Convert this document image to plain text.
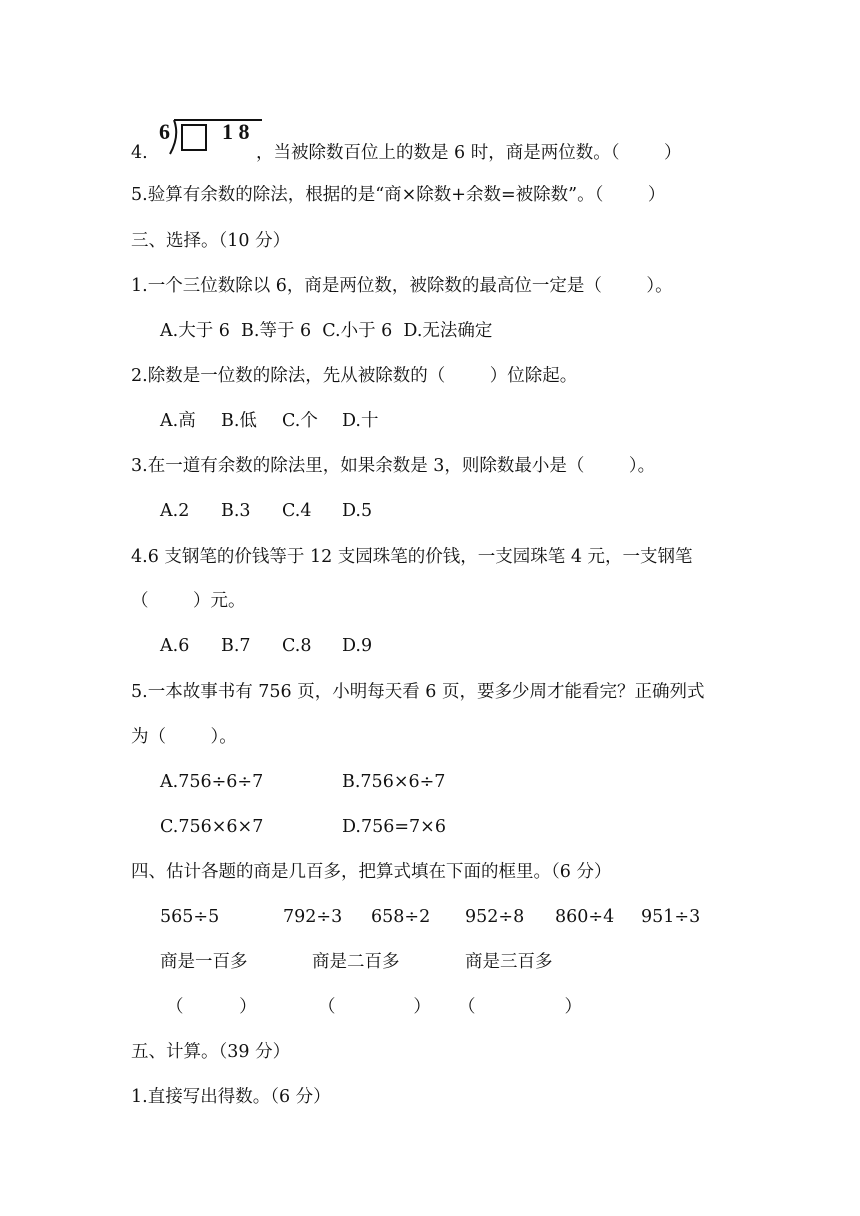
6 1 8
4.	，当被除数百位上的数是 6 时，商是两位数。（        ）
5.验算有余数的除法，根据的是“商×除数+余数=被除数”。（        ）
三、选择。（10 分）
1.一个三位数除以 6，商是两位数，被除数的最高位一定是（        ）。
A.大于 6  B.等于 6  C.小于 6  D.无法确定
2.除数是一位数的除法，先从被除数的（        ）位除起。
A.高 B.低 C.个 D.十
3.在一道有余数的除法里，如果余数是 3，则除数最小是（        ）。
A.2 B.3 C.4 D.5
4.6 支钢笔的价钱等于 12 支园珠笔的价钱，一支园珠笔 4 元，一支钢笔
（        ）元。
A.6 B.7 C.8 D.9
5.一本故事书有 756 页，小明每天看 6 页，要多少周才能看完？正确列式
为（        ）。
A.756÷6÷7	B.756×6÷7
C.756×6×7	D.756=7×6
四、估计各题的商是几百多，把算式填在下面的框里。（6 分）
565÷5	792÷3 658÷2 952÷8 860÷4 951÷3
商是一百多	商是二百多	商是三百多
（          ）	（              ） （                ）
五、计算。（39 分）
1.直接写出得数。（6 分）
